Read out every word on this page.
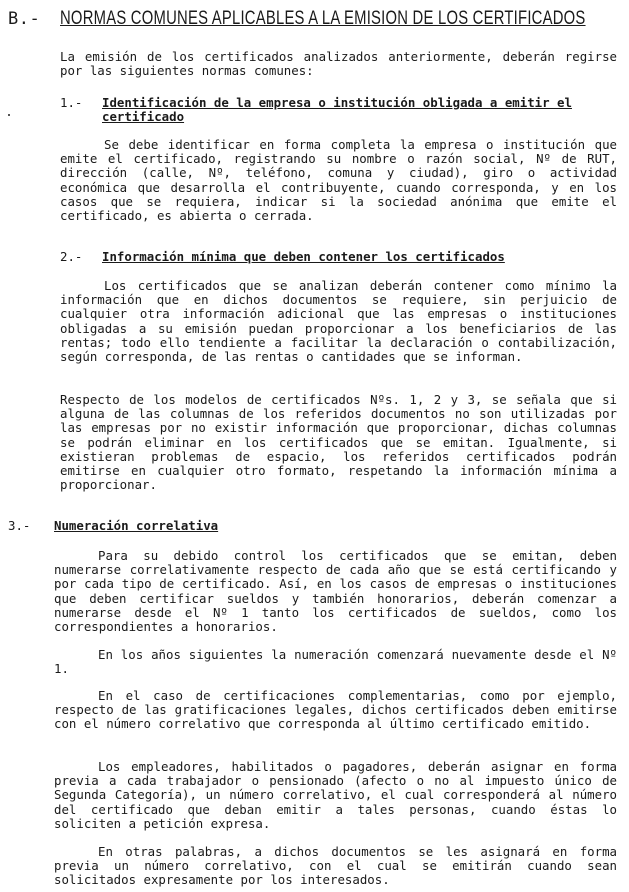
B.-	NORMAS COMUNES APLICABLES A LA EMISION DE LOS CERTIFICADOS

La emisión de los certificados analizados anteriormente, deberán regirse por las siguientes normas comunes:

1.- Identificación de la empresa o institución obligada a emitir el certificado

Se debe identificar en forma completa la empresa o institución que emite el certificado, registrando su nombre o razón social, Nº de RUT, dirección (calle, Nº, teléfono, comuna y ciudad), giro o actividad económica que desarrolla el contribuyente, cuando corresponda, y en los casos que se requiera, indicar si la sociedad anónima que emite el certificado, es abierta o cerrada.

2.- Información mínima que deben contener los certificados

Los certificados que se analizan deberán contener como mínimo la información que en dichos documentos se requiere, sin perjuicio de cualquier otra información adicional que las empresas o instituciones obligadas a su emisión puedan proporcionar a los beneficiarios de las rentas; todo ello tendiente a facilitar la declaración o contabilización, según corresponda, de las rentas o cantidades que se informan.

Respecto de los modelos de certificados Nºs. 1, 2 y 3, se señala que si alguna de las columnas de los referidos documentos no son utilizadas por las empresas por no existir información que proporcionar, dichas columnas se podrán eliminar en los certificados que se emitan. Igualmente, si existieran problemas de espacio, los referidos certificados podrán emitirse en cualquier otro formato, respetando la información mínima a proporcionar.

3.- Numeración correlativa

Para su debido control los certificados que se emitan, deben numerarse correlativamente respecto de cada año que se está certificando y por cada tipo de certificado. Así, en los casos de empresas o instituciones que deben certificar sueldos y también honorarios, deberán comenzar a numerarse desde el Nº 1 tanto los certificados de sueldos, como los correspondientes a honorarios.

En los años siguientes la numeración comenzará nuevamente desde el Nº 1.

En el caso de certificaciones complementarias, como por ejemplo, respecto de las gratificaciones legales, dichos certificados deben emitirse con el número correlativo que corresponda al último certificado emitido.

Los empleadores, habilitados o pagadores, deberán asignar en forma previa a cada trabajador o pensionado (afecto o no al impuesto único de Segunda Categoría), un número correlativo, el cual corresponderá al número del certificado que deban emitir a tales personas, cuando éstas lo soliciten a petición expresa.

En otras palabras, a dichos documentos se les asignará en forma previa un número correlativo, con el cual se emitirán cuando sean solicitados expresamente por los interesados.
